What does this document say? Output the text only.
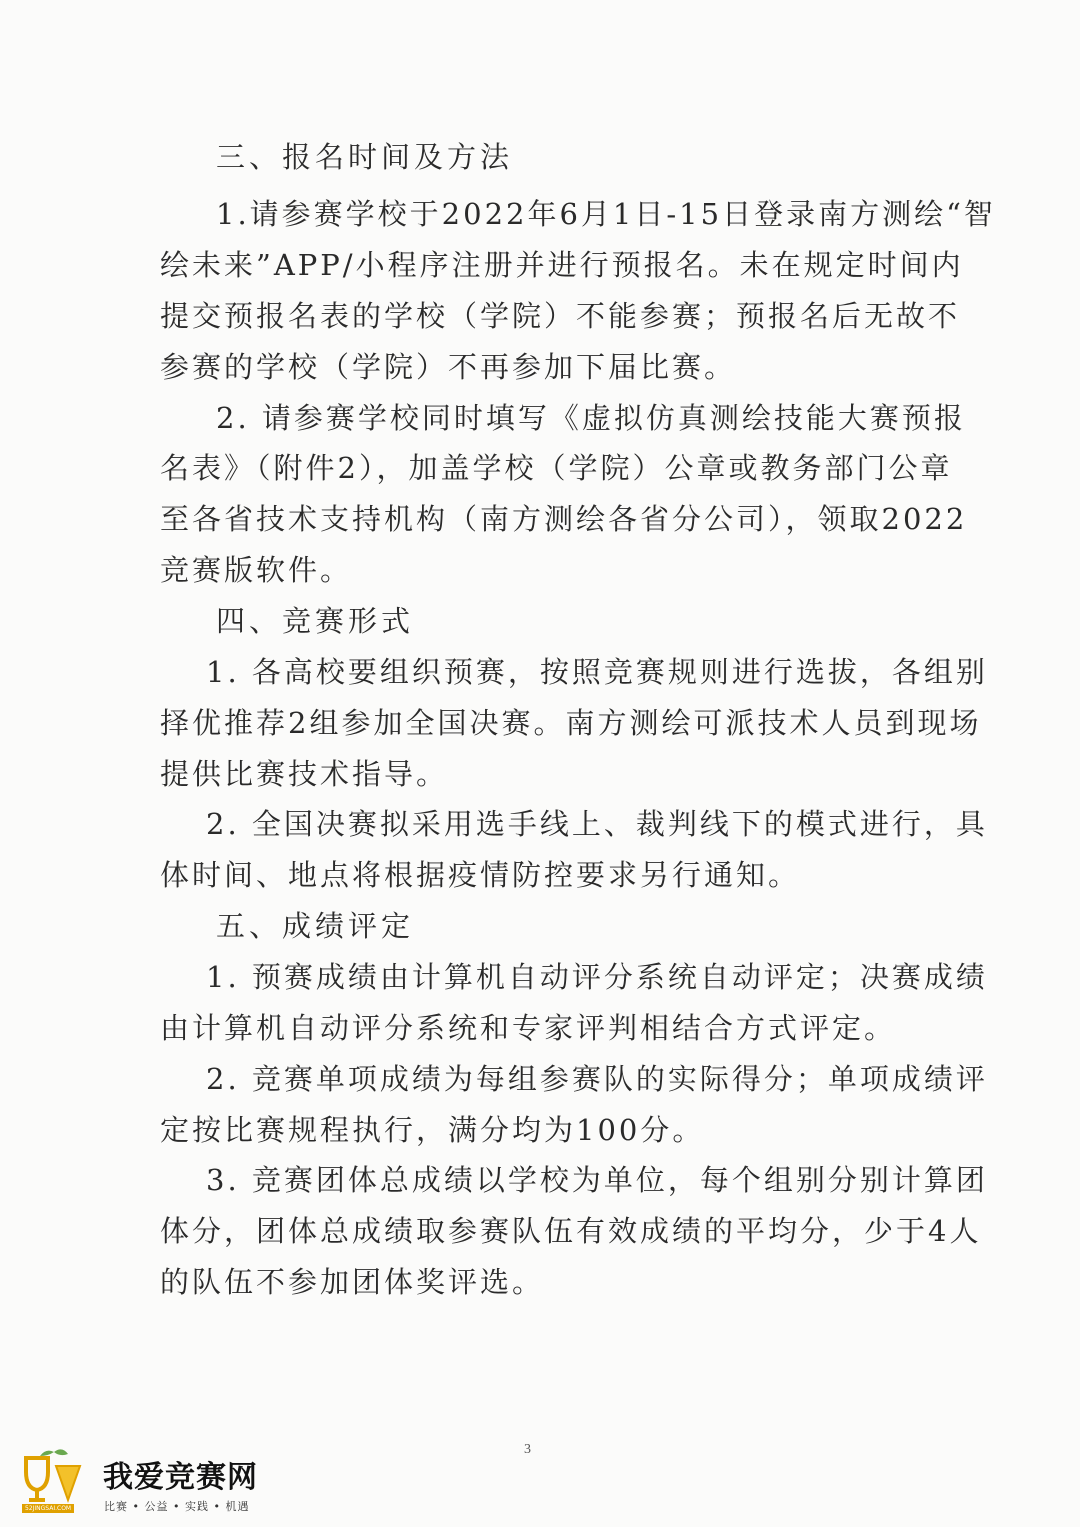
三、报名时间及方法
1.请参赛学校于2022年6月1日-15日登录南方测绘“智
绘未来”APP/小程序注册并进行预报名。未在规定时间内
提交预报名表的学校（学院）不能参赛；预报名后无故不
参赛的学校（学院）不再参加下届比赛。
2. 请参赛学校同时填写《虚拟仿真测绘技能大赛预报
名表》（附件2），加盖学校（学院）公章或教务部门公章
至各省技术支持机构（南方测绘各省分公司），领取2022
竞赛版软件。
四、竞赛形式
1. 各高校要组织预赛，按照竞赛规则进行选拔，各组别
择优推荐2组参加全国决赛。南方测绘可派技术人员到现场
提供比赛技术指导。
2. 全国决赛拟采用选手线上、裁判线下的模式进行，具
体时间、地点将根据疫情防控要求另行通知。
五、成绩评定
1. 预赛成绩由计算机自动评分系统自动评定；决赛成绩
由计算机自动评分系统和专家评判相结合方式评定。
2. 竞赛单项成绩为每组参赛队的实际得分；单项成绩评
定按比赛规程执行，满分均为100分。
3. 竞赛团体总成绩以学校为单位，每个组别分别计算团
体分，团体总成绩取参赛队伍有效成绩的平均分，少于4人
的队伍不参加团体奖评选。
3
52JINGSAI.COM
我爱竞赛网
比赛 • 公益 • 实践 • 机遇
